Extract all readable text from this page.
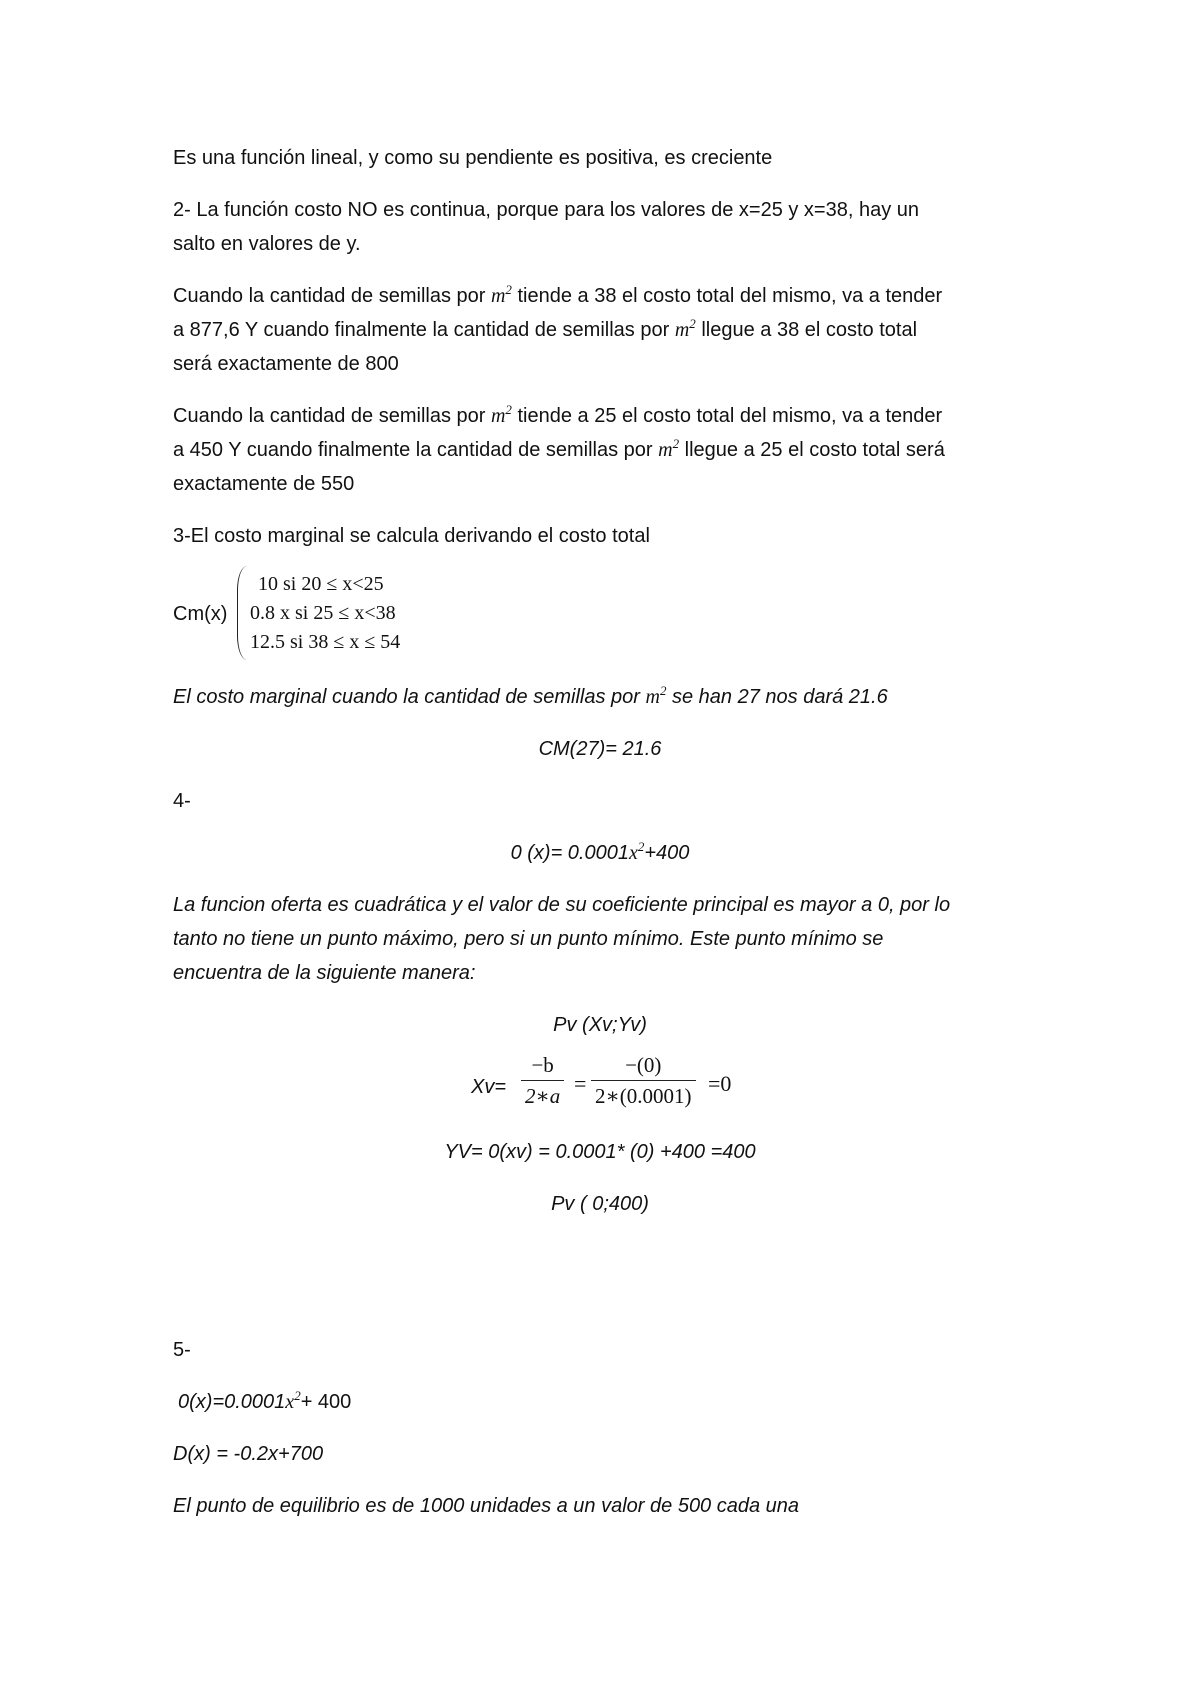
Es una función lineal, y como su pendiente es positiva, es creciente
2- La función costo NO es continua, porque para los valores de x=25 y x=38, hay un
salto en valores de y.
Cuando la cantidad de semillas por $m^2$ tiende a 38 el costo total del mismo, va a tender
a 877,6 Y cuando finalmente la cantidad de semillas por $m^2$ llegue a 38 el costo total
será exactamente de 800
Cuando la cantidad de semillas por $m^2$ tiende a 25 el costo total del mismo, va a tender
a 450 Y cuando finalmente la cantidad de semillas por $m^2$ llegue a 25 el costo total será
exactamente de 550
3-El costo marginal se calcula derivando el costo total
Cm(x)
10 si 20 ≤ x<25
0.8 x si 25 ≤ x<38
12.5 si 38 ≤ x ≤ 54
El costo marginal cuando la cantidad de semillas por $m^2$ se han 27 nos dará 21.6
CM(27)= 21.6
4-
0 $(x)= 0.0001x^2+400$
La funcion oferta es cuadrática y el valor de su coeficiente principal es mayor a 0, por lo
tanto no tiene un punto máximo, pero si un punto mínimo. Este punto mínimo se
encuentra de la siguiente manera:
Pv (Xv;Yv)
$Xv= \frac{-b}{2∗a} = \frac{-(0)}{2∗(0.0001)} =0$
YV= 0(xv) = 0.0001* (0) +400 =400
Pv ( 0;400)
5-
$0(x)=0.0001x^2+ 400$
D(x) = -0.2x+700
El punto de equilibrio es de 1000 unidades a un valor de 500 cada una
